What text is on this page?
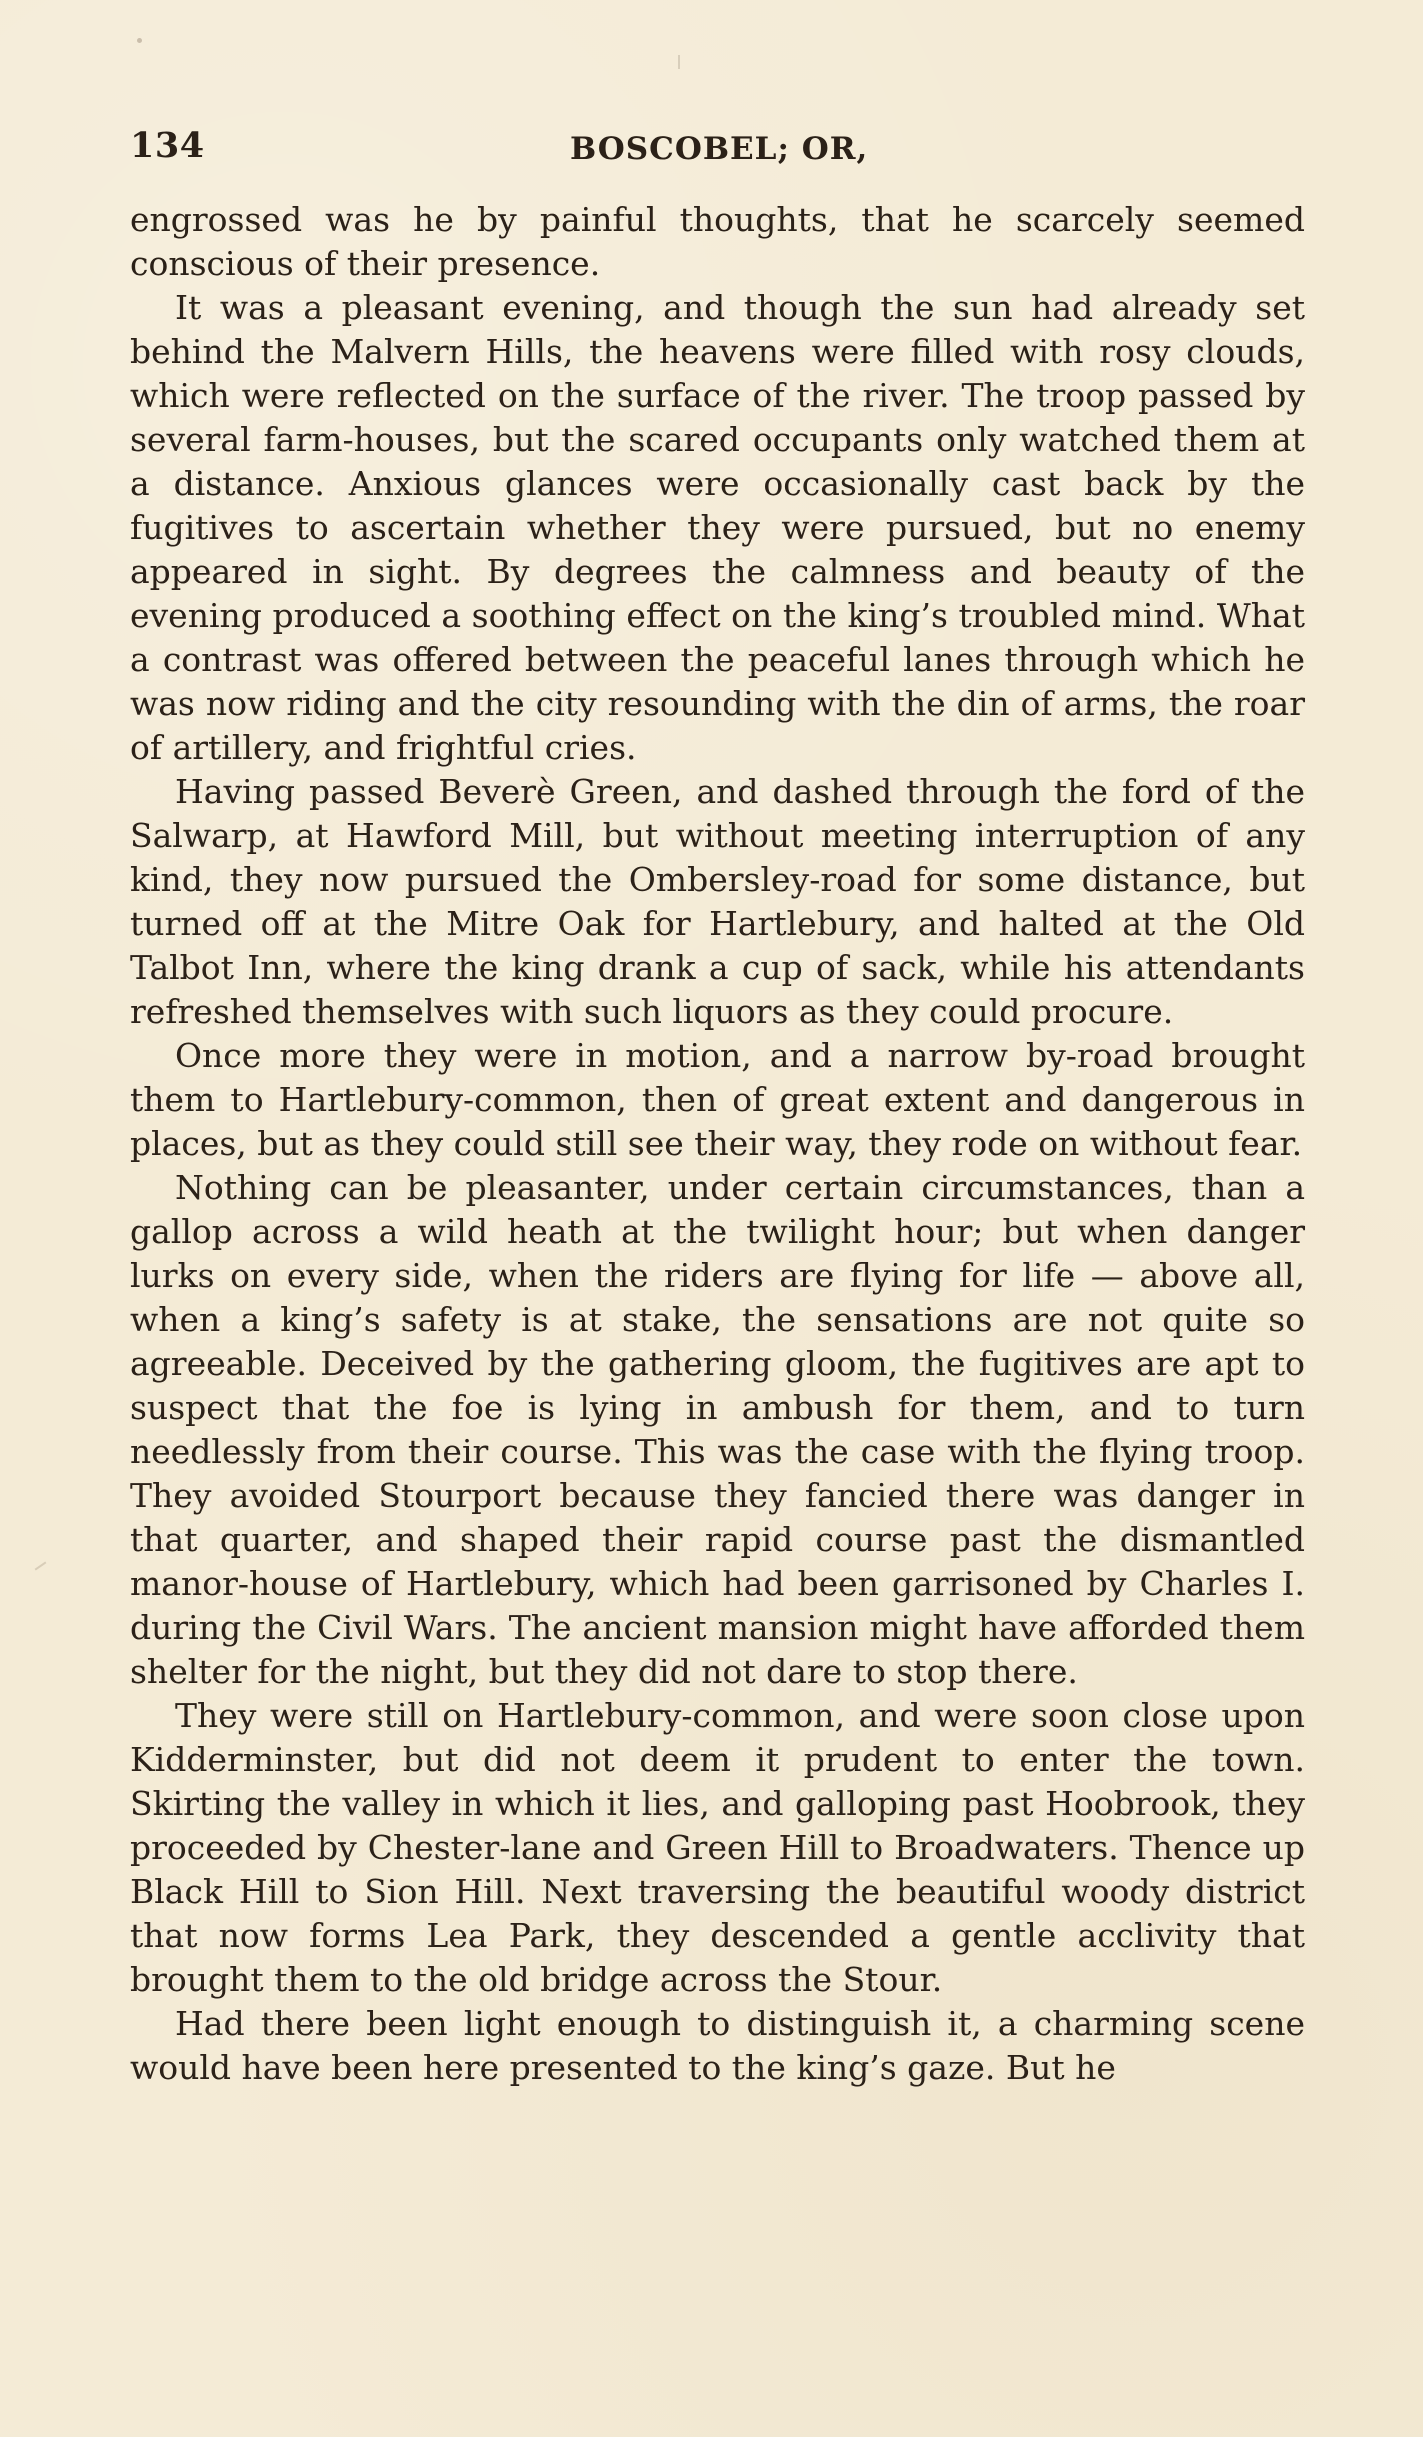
134	BOSCOBEL; OR,

engrossed was he by painful thoughts, that he scarcely seemed conscious of their presence.

It was a pleasant evening, and though the sun had already set behind the Malvern Hills, the heavens were filled with rosy clouds, which were reflected on the surface of the river. The troop passed by several farm-houses, but the scared occupants only watched them at a distance. Anxious glances were occasionally cast back by the fugitives to ascertain whether they were pursued, but no enemy appeared in sight. By degrees the calmness and beauty of the evening produced a soothing effect on the king’s troubled mind. What a contrast was offered between the peaceful lanes through which he was now riding and the city resounding with the din of arms, the roar of artillery, and frightful cries.

Having passed Beverè Green, and dashed through the ford of the Salwarp, at Hawford Mill, but without meeting interruption of any kind, they now pursued the Ombersley-road for some distance, but turned off at the Mitre Oak for Hartlebury, and halted at the Old Talbot Inn, where the king drank a cup of sack, while his attendants refreshed themselves with such liquors as they could procure.

Once more they were in motion, and a narrow by-road brought them to Hartlebury-common, then of great extent and dangerous in places, but as they could still see their way, they rode on without fear.

Nothing can be pleasanter, under certain circumstances, than a gallop across a wild heath at the twilight hour; but when danger lurks on every side, when the riders are flying for life — above all, when a king’s safety is at stake, the sensations are not quite so agreeable. Deceived by the gathering gloom, the fugitives are apt to suspect that the foe is lying in ambush for them, and to turn needlessly from their course. This was the case with the flying troop. They avoided Stourport because they fancied there was danger in that quarter, and shaped their rapid course past the dismantled manor-house of Hartlebury, which had been garrisoned by Charles I. during the Civil Wars. The ancient mansion might have afforded them shelter for the night, but they did not dare to stop there.

They were still on Hartlebury-common, and were soon close upon Kidderminster, but did not deem it prudent to enter the town. Skirting the valley in which it lies, and galloping past Hoobrook, they proceeded by Chester-lane and Green Hill to Broadwaters. Thence up Black Hill to Sion Hill. Next traversing the beautiful woody district that now forms Lea Park, they descended a gentle acclivity that brought them to the old bridge across the Stour.

Had there been light enough to distinguish it, a charming scene would have been here presented to the king’s gaze. But he
